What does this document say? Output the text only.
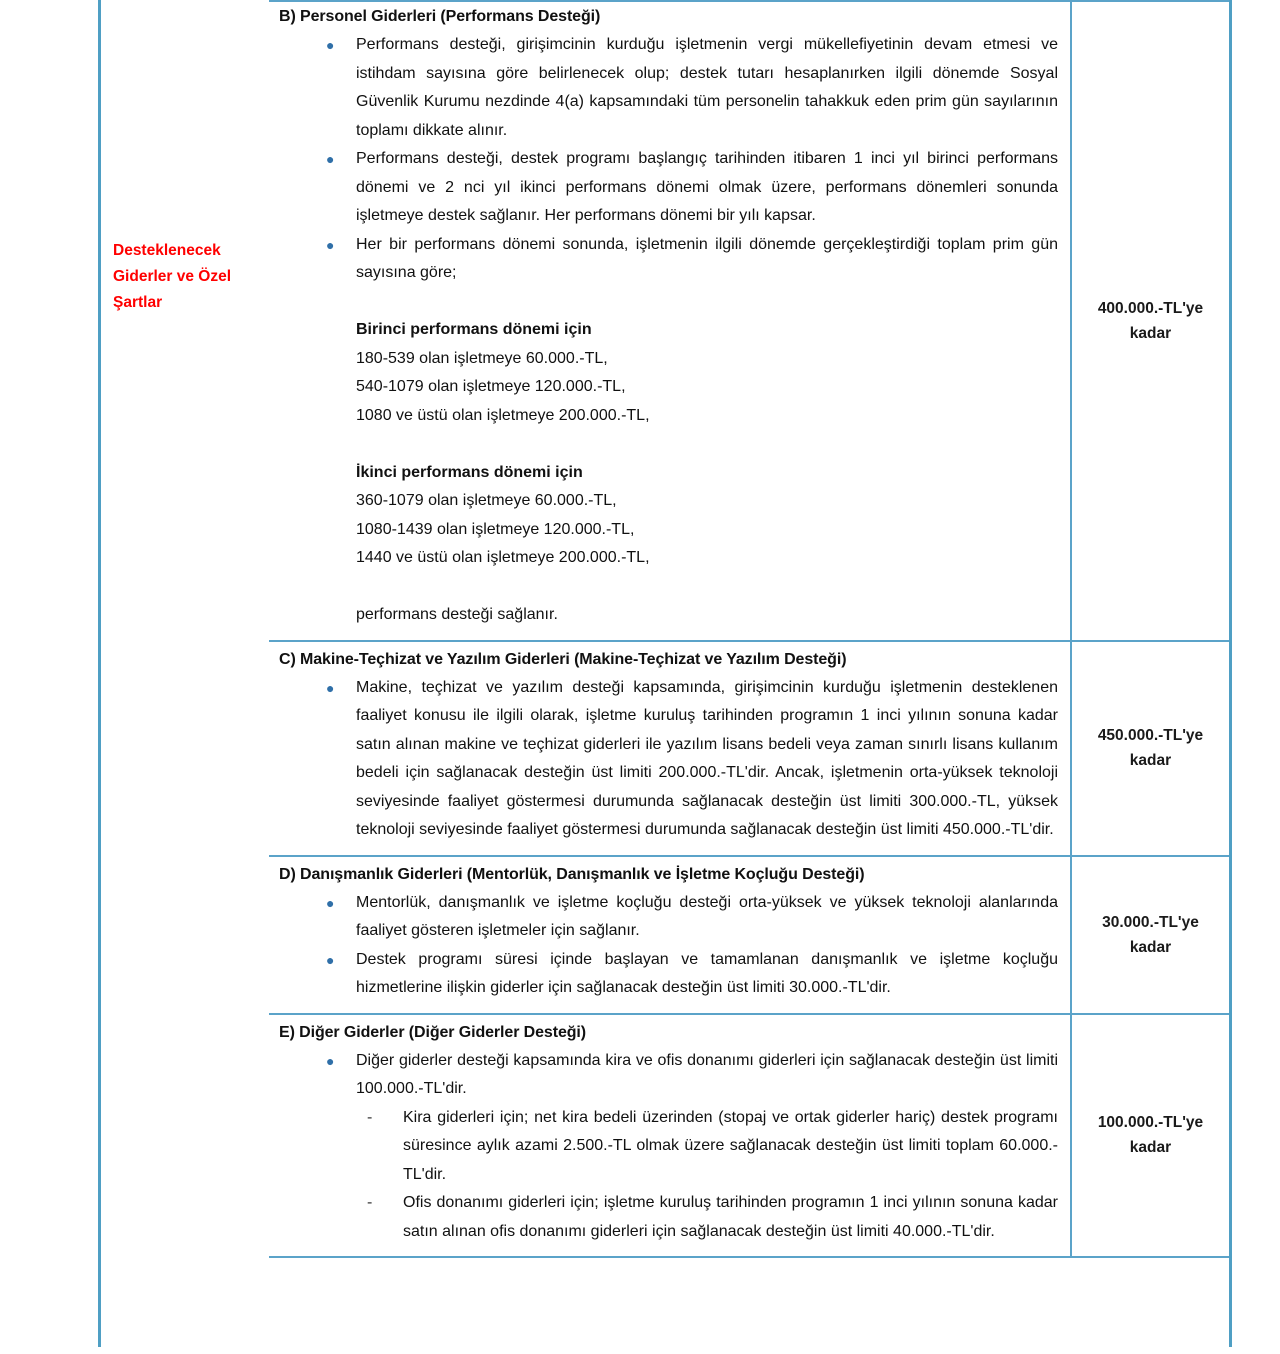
Desteklenecek Giderler ve Özel Şartlar
B) Personel Giderleri (Performans Desteği)
● Performans desteği, girişimcinin kurduğu işletmenin vergi mükellefiyetinin devam etmesi ve istihdam sayısına göre belirlenecek olup; destek tutarı hesaplanırken ilgili dönemde Sosyal Güvenlik Kurumu nezdinde 4(a) kapsamındaki tüm personelin tahakkuk eden prim gün sayılarının toplamı dikkate alınır.
● Performans desteği, destek programı başlangıç tarihinden itibaren 1 inci yıl birinci performans dönemi ve 2 nci yıl ikinci performans dönemi olmak üzere, performans dönemleri sonunda işletmeye destek sağlanır. Her performans dönemi bir yılı kapsar.
● Her bir performans dönemi sonunda, işletmenin ilgili dönemde gerçekleştirdiği toplam prim gün sayısına göre;
Birinci performans dönemi için
180-539 olan işletmeye 60.000.-TL,
540-1079 olan işletmeye 120.000.-TL,
1080 ve üstü olan işletmeye 200.000.-TL,
İkinci performans dönemi için
360-1079 olan işletmeye 60.000.-TL,
1080-1439 olan işletmeye 120.000.-TL,
1440 ve üstü olan işletmeye 200.000.-TL,
performans desteği sağlanır.
400.000.-TL'ye
kadar
C) Makine-Teçhizat ve Yazılım Giderleri (Makine-Teçhizat ve Yazılım Desteği)
● Makine, teçhizat ve yazılım desteği kapsamında, girişimcinin kurduğu işletmenin desteklenen faaliyet konusu ile ilgili olarak, işletme kuruluş tarihinden programın 1 inci yılının sonuna kadar satın alınan makine ve teçhizat giderleri ile yazılım lisans bedeli veya zaman sınırlı lisans kullanım bedeli için sağlanacak desteğin üst limiti 200.000.-TL'dir. Ancak, işletmenin orta-yüksek teknoloji seviyesinde faaliyet göstermesi durumunda sağlanacak desteğin üst limiti 300.000.-TL, yüksek teknoloji seviyesinde faaliyet göstermesi durumunda sağlanacak desteğin üst limiti 450.000.-TL'dir.
450.000.-TL'ye
kadar
D) Danışmanlık Giderleri (Mentorlük, Danışmanlık ve İşletme Koçluğu Desteği)
● Mentorlük, danışmanlık ve işletme koçluğu desteği orta-yüksek ve yüksek teknoloji alanlarında faaliyet gösteren işletmeler için sağlanır.
● Destek programı süresi içinde başlayan ve tamamlanan danışmanlık ve işletme koçluğu hizmetlerine ilişkin giderler için sağlanacak desteğin üst limiti 30.000.-TL'dir.
30.000.-TL'ye
kadar
E) Diğer Giderler (Diğer Giderler Desteği)
● Diğer giderler desteği kapsamında kira ve ofis donanımı giderleri için sağlanacak desteğin üst limiti 100.000.-TL'dir.
- Kira giderleri için; net kira bedeli üzerinden (stopaj ve ortak giderler hariç) destek programı süresince aylık azami 2.500.-TL olmak üzere sağlanacak desteğin üst limiti toplam 60.000.-TL'dir.
- Ofis donanımı giderleri için; işletme kuruluş tarihinden programın 1 inci yılının sonuna kadar satın alınan ofis donanımı giderleri için sağlanacak desteğin üst limiti 40.000.-TL'dir.
100.000.-TL'ye
kadar
